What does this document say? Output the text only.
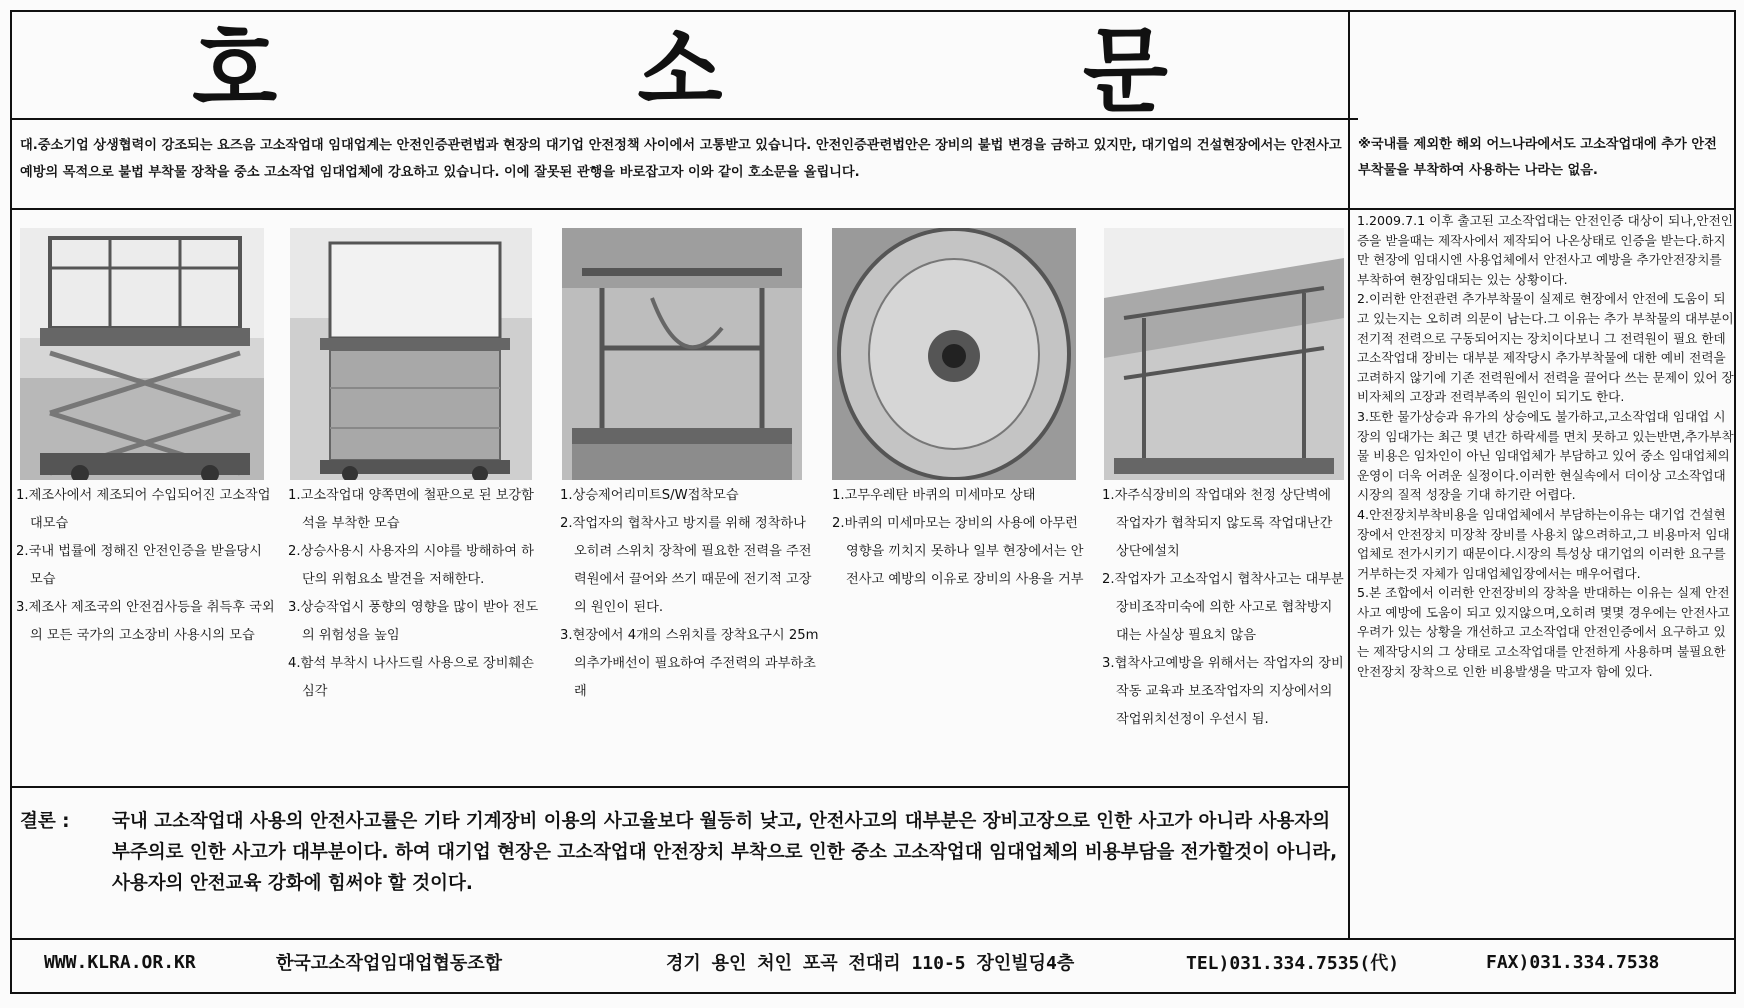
호	소	문
대.중소기업 상생협력이 강조되는 요즈음 고소작업대 임대업계는 안전인증관련법과 현장의 대기업 안전정책 사이에서 고통받고 있습니다. 안전인증관련법안은 장비의 불법 변경을 금하고 있지만, 대기업의 건설현장에서는 안전사고예방의 목적으로 불법 부착물 장착을 중소 고소작업 임대업체에 강요하고 있습니다. 이에 잘못된 관행을 바로잡고자 이와 같이 호소문을 올립니다.
※국내를 제외한 해외 어느나라에서도 고소작업대에 추가 안전 부착물을 부착하여 사용하는 나라는 없음.

1.제조사에서 제조되어 수입되어진 고소작업대모습

2.국내 법률에 정해진 안전인증을 받을당시 모습

3.제조사 제조국의 안전검사등을 취득후 국외의 모든 국가의 고소장비 사용시의 모습

1.고소작업대 양쪽면에 철판으로 된 보강함석을 부착한 모습

2.상승사용시 사용자의 시야를 방해하여 하단의 위험요소 발견을 저해한다.

3.상승작업시 풍향의 영향을 많이 받아 전도의 위험성을 높임

4.함석 부착시 나사드릴 사용으로 장비훼손심각

1.상승제어리미트S/W접착모습

2.작업자의 협착사고 방지를 위해 정착하나 오히려 스위치 장착에 필요한 전력을 주전력원에서 끌어와 쓰기 때문에 전기적 고장의 원인이 된다.

3.현장에서 4개의 스위치를 장착요구시 25m의추가배선이 필요하여 주전력의 과부하초래

1.고무우레탄 바퀴의 미세마모 상태

2.바퀴의 미세마모는 장비의 사용에 아무런 영향을 끼치지 못하나 일부 현장에서는 안전사고 예방의 이유로 장비의 사용을 거부

1.자주식장비의 작업대와 천정 상단벽에 작업자가 협착되지 않도록 작업대난간상단에설치

2.작업자가 고소작업시 협착사고는 대부분 장비조작미숙에 의한 사고로 협착방지대는 사실상 필요치 않음

3.협착사고예방을 위해서는 작업자의 장비작동 교육과 보조작업자의 지상에서의 작업위치선정이 우선시 됨.

1.2009.7.1 이후 출고된 고소작업대는 안전인증 대상이 되나,안전인증을 받을때는 제작사에서 제작되어 나온상태로 인증을 받는다.하지만 현장에 임대시엔 사용업체에서 안전사고 예방을 추가안전장치를 부착하여 현장임대되는 있는 상황이다.

2.이러한 안전관련 추가부착물이 실제로 현장에서 안전에 도움이 되고 있는지는 오히려 의문이 남는다.그 이유는 추가 부착물의 대부분이 전기적 전력으로 구동되어지는 장치이다보니 그 전력원이 필요 한데 고소작업대 장비는 대부분 제작당시 추가부착물에 대한 예비 전력을 고려하지 않기에 기존 전력원에서 전력을 끌어다 쓰는 문제이 있어 장비자체의 고장과 전력부족의 원인이 되기도 한다.

3.또한 물가상승과 유가의 상승에도 불가하고,고소작업대 임대업 시장의 임대가는 최근 몇 년간 하락세를 면치 못하고 있는반면,추가부착물 비용은 임차인이 아닌 임대업체가 부담하고 있어 중소 임대업체의 운영이 더욱 어려운 실정이다.이러한 현실속에서 더이상 고소작업대시장의 질적 성장을 기대 하기란 어렵다.

4.안전장치부착비용을 임대업체에서 부담하는이유는 대기업 건설현장에서 안전장치 미장착 장비를 사용치 않으려하고,그 비용마저 임대업체로 전가시키기 때문이다.시장의 특성상 대기업의 이러한 요구를 거부하는것 자체가 임대업체입장에서는 매우어렵다.

5.본 조합에서 이러한 안전장비의 장착을 반대하는 이유는 실제 안전사고 예방에 도움이 되고 있지않으며,오히려 몇몇 경우에는 안전사고 우려가 있는 상황을 개선하고 고소작업대 안전인증에서 요구하고 있는 제작당시의 그 상태로 고소작업대를 안전하게 사용하며 불필요한 안전장치 장착으로 인한 비용발생을 막고자 함에 있다.

결론 :	국내 고소작업대 사용의 안전사고률은 기타 기계장비 이용의 사고율보다 월등히 낮고, 안전사고의 대부분은 장비고장으로 인한 사고가 아니라 사용자의 부주의로 인한 사고가 대부분이다. 하여 대기업 현장은 고소작업대 안전장치 부착으로 인한 중소 고소작업대 임대업체의 비용부담을 전가할것이 아니라, 사용자의 안전교육 강화에 힘써야 할 것이다.
WWW.KLRA.OR.KR	한국고소작업임대업협동조합	경기 용인 처인 포곡 전대리 110-5 장인빌딩4층	TEL)031.334.7535(代)	FAX)031.334.7538
